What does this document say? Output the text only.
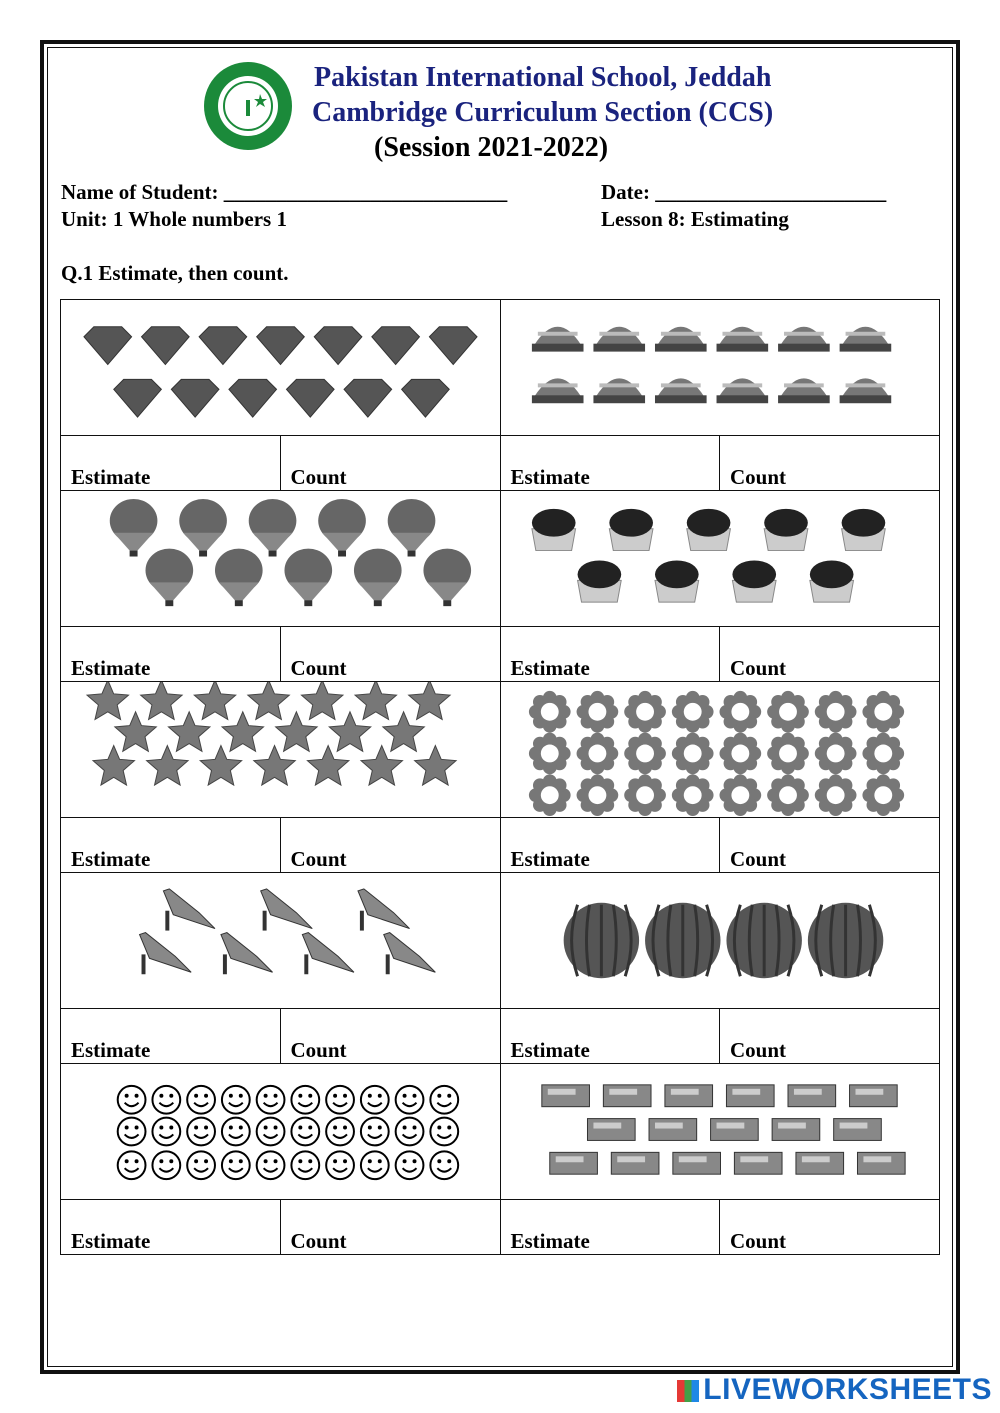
Pakistan International School, Jeddah
Cambridge Curriculum Section (CCS)
(Session 2021-2022)
Name of Student: ___________________________	Date: ______________________
Unit: 1 Whole numbers 1	Lesson 8: Estimating
Q.1 Estimate, then count.
Estimate	Count	Estimate	Count
Estimate	Count	Estimate	Count
Estimate	Count	Estimate	Count
Estimate	Count	Estimate	Count
Estimate	Count	Estimate	Count
LIVEWORKSHEETS
